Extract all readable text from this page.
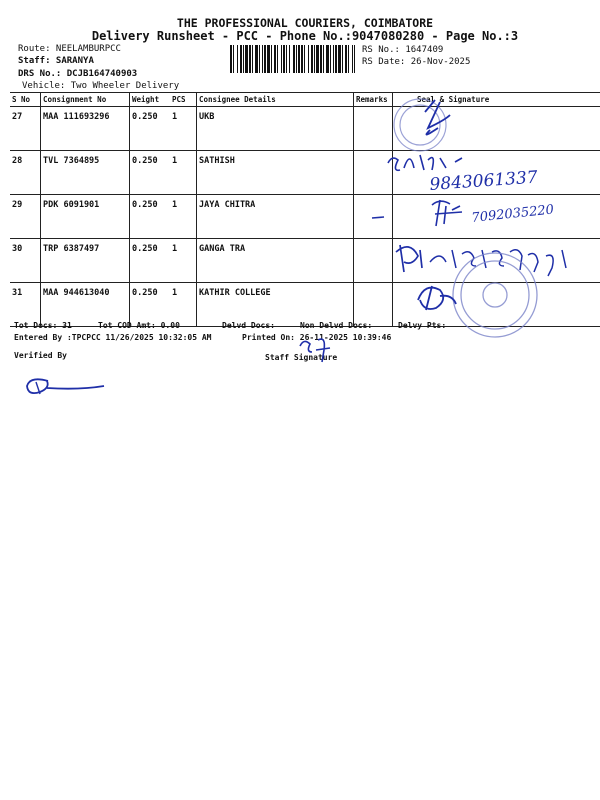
THE PROFESSIONAL COURIERS, COIMBATORE
Delivery Runsheet - PCC - Phone No.:9047080280 - Page No.:3
Route: NEELAMBURPCC
Staff: SARANYA
DRS No.: DCJB164740903
Vehicle: Two Wheeler Delivery
RS No.: 1647409
RS Date: 26-Nov-2025
S No	Consignment No	Weight	PCS	Consignee Details	Remarks	Seal & Signature
27	MAA 111693296	0.250	1	UKB		
28	TVL 7364895	0.250	1	SATHISH		
29	PDK 6091901	0.250	1	JAYA CHITRA		
30	TRP 6387497	0.250	1	GANGA TRA		
31	MAA 944613040	0.250	1	KATHIR COLLEGE		
Tot Docs: 31	Tot COD Amt: 0.00	Delvd Docs:	Non Delvd Docs:	Delvy Pts:
Entered By :TPCPCC 11/26/2025 10:32:05 AM	Printed On: 26-11-2025 10:39:46
Verified By	Staff Signature
9843061337
7092035220
